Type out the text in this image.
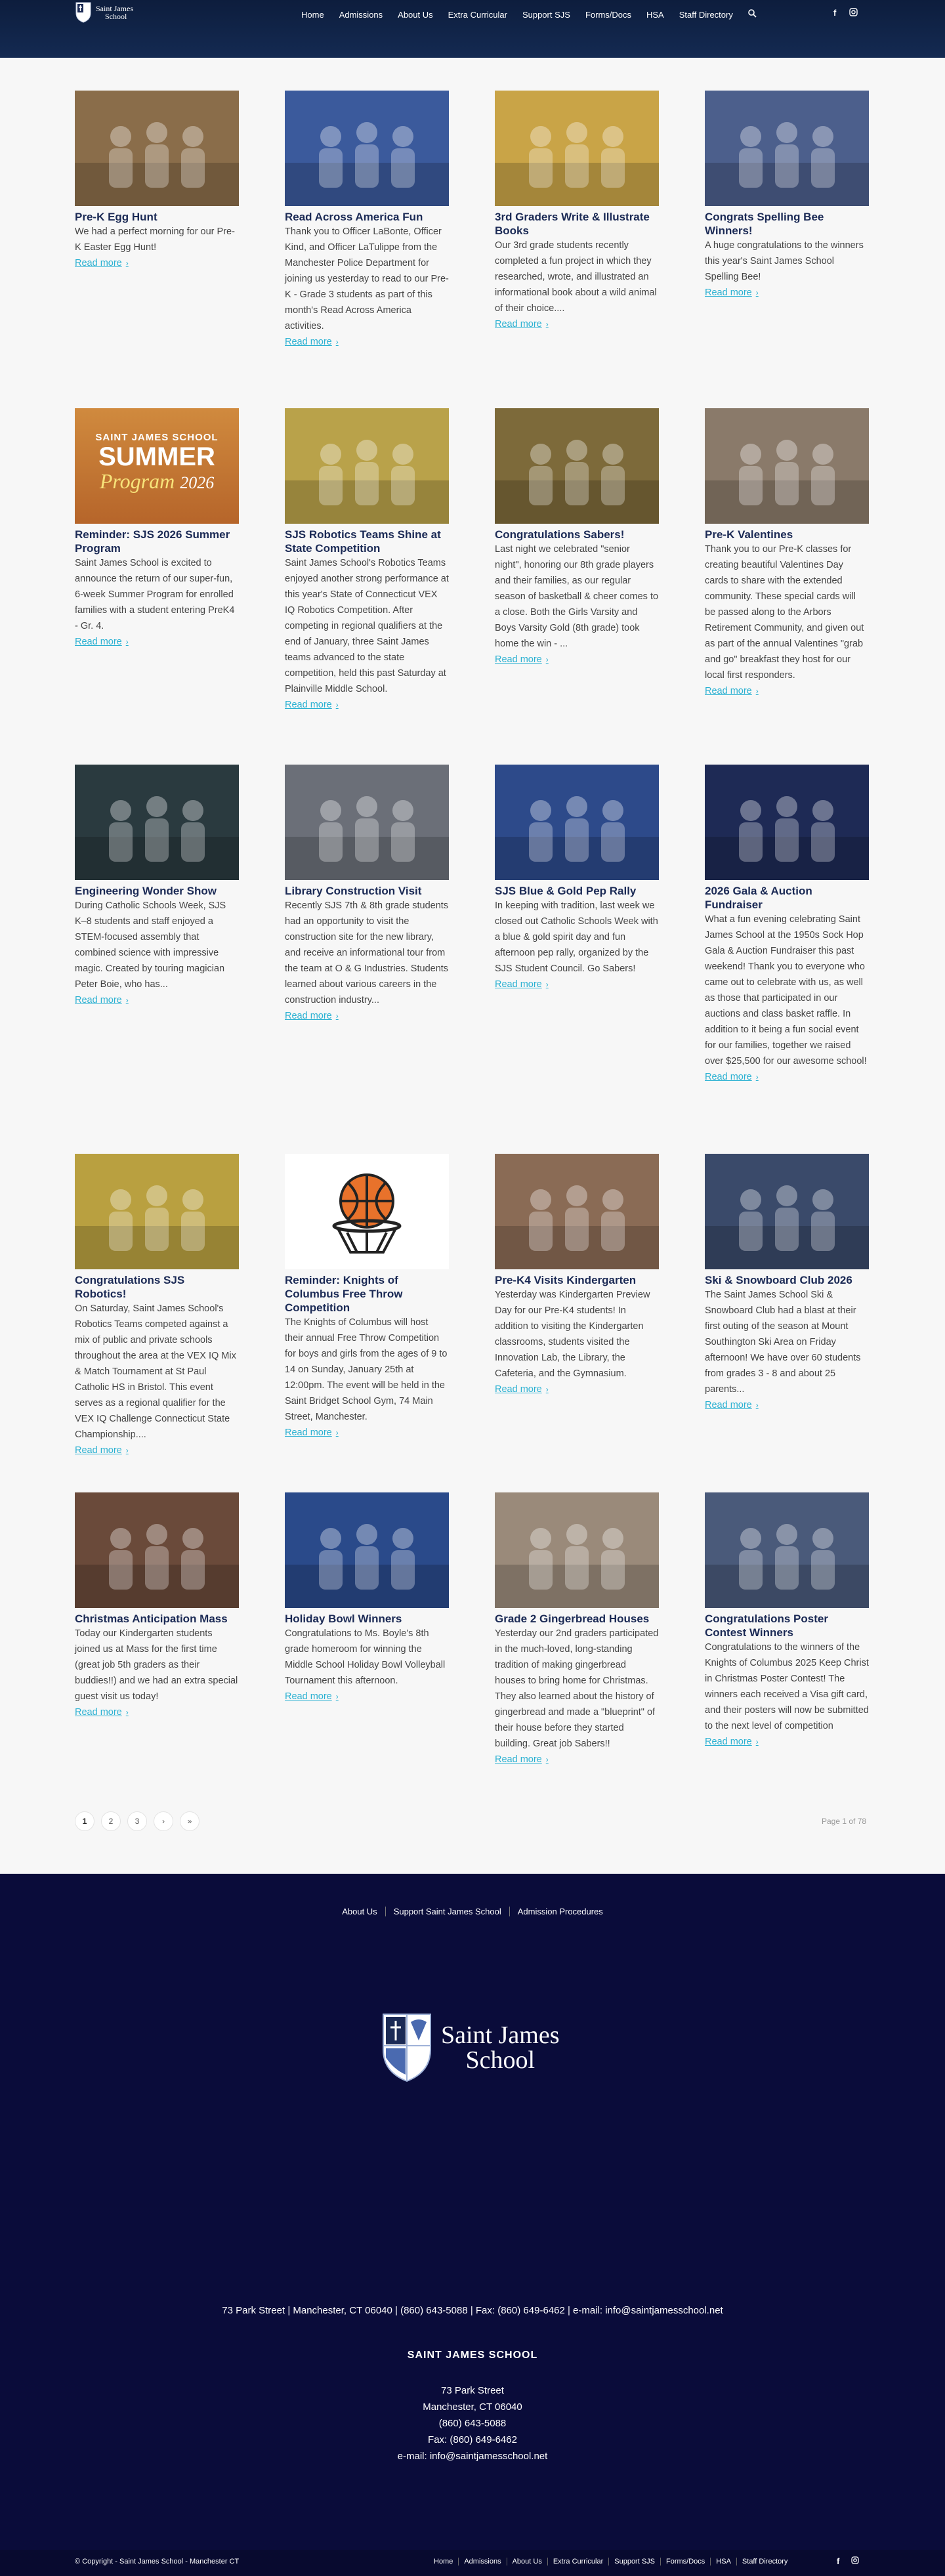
Saint James
School	Home Admissions About Us Extra Curricular Support SJS Forms/Docs HSA Staff Directory	f
Pre-K Egg Hunt

We had a perfect morning for our Pre-K Easter Egg Hunt!

Read more ›
Read Across America Fun

Thank you to Officer LaBonte, Officer Kind, and Officer LaTulippe from the Manchester Police Department for joining us yesterday to read to our Pre-K - Grade 3 students as part of this month's Read Across America activities.

Read more ›
3rd Graders Write & Illustrate Books

Our 3rd grade students recently completed a fun project in which they researched, wrote, and illustrated an informational book about a wild animal of their choice....

Read more ›
Congrats Spelling Bee Winners!

A huge congratulations to the winners this year's Saint James School Spelling Bee!

Read more ›
SAINT JAMES SCHOOL
SUMMER
Program 2026
Reminder: SJS 2026 Summer Program

Saint James School is excited to announce the return of our super-fun, 6-week Summer Program for enrolled families with a student entering PreK4 - Gr. 4.

Read more ›
SJS Robotics Teams Shine at State Competition

Saint James School's Robotics Teams enjoyed another strong performance at this year's State of Connecticut VEX IQ Robotics Competition. After competing in regional qualifiers at the end of January, three Saint James teams advanced to the state competition, held this past Saturday at Plainville Middle School.

Read more ›
Congratulations Sabers!

Last night we celebrated "senior night", honoring our 8th grade players and their families, as our regular season of basketball & cheer comes to a close. Both the Girls Varsity and Boys Varsity Gold (8th grade) took home the win - ...

Read more ›
Pre-K Valentines

Thank you to our Pre-K classes for creating beautiful Valentines Day cards to share with the extended community. These special cards will be passed along to the Arbors Retirement Community, and given out as part of the annual Valentines "grab and go" breakfast they host for our local first responders.

Read more ›
Engineering Wonder Show

During Catholic Schools Week, SJS K–8 students and staff enjoyed a STEM-focused assembly that combined science with impressive magic. Created by touring magician Peter Boie, who has...

Read more ›
Library Construction Visit

Recently SJS 7th & 8th grade students had an opportunity to visit the construction site for the new library, and receive an informational tour from the team at O & G Industries. Students learned about various careers in the construction industry...

Read more ›
SJS Blue & Gold Pep Rally

In keeping with tradition, last week we closed out Catholic Schools Week with a blue & gold spirit day and fun afternoon pep rally, organized by the SJS Student Council. Go Sabers!

Read more ›
2026 Gala & Auction Fundraiser

What a fun evening celebrating Saint James School at the 1950s Sock Hop Gala & Auction Fundraiser this past weekend! Thank you to everyone who came out to celebrate with us, as well as those that participated in our auctions and class basket raffle. In addition to it being a fun social event for our families, together we raised over $25,500 for our awesome school!

Read more ›
Congratulations SJS Robotics!

On Saturday, Saint James School's Robotics Teams competed against a mix of public and private schools throughout the area at the VEX IQ Mix & Match Tournament at St Paul Catholic HS in Bristol. This event serves as a regional qualifier for the VEX IQ Challenge Connecticut State Championship....

Read more ›
Reminder: Knights of Columbus Free Throw Competition

The Knights of Columbus will host their annual Free Throw Competition for boys and girls from the ages of 9 to 14 on Sunday, January 25th at 12:00pm. The event will be held in the Saint Bridget School Gym, 74 Main Street, Manchester.

Read more ›
Pre-K4 Visits Kindergarten

Yesterday was Kindergarten Preview Day for our Pre-K4 students! In addition to visiting the Kindergarten classrooms, students visited the Innovation Lab, the Library, the Cafeteria, and the Gymnasium.

Read more ›
Ski & Snowboard Club 2026

The Saint James School Ski & Snowboard Club had a blast at their first outing of the season at Mount Southington Ski Area on Friday afternoon! We have over 60 students from grades 3 - 8 and about 25 parents...

Read more ›
Christmas Anticipation Mass

Today our Kindergarten students joined us at Mass for the first time (great job 5th graders as their buddies!!) and we had an extra special guest visit us today!

Read more ›
Holiday Bowl Winners

Congratulations to Ms. Boyle's 8th grade homeroom for winning the Middle School Holiday Bowl Volleyball Tournament this afternoon.

Read more ›
Grade 2 Gingerbread Houses

Yesterday our 2nd graders participated in the much-loved, long-standing tradition of making gingerbread houses to bring home for Christmas. They also learned about the history of gingerbread and made a "blueprint" of their house before they started building. Great job Sabers!!

Read more ›
Congratulations Poster Contest Winners

Congratulations to the winners of the Knights of Columbus 2025 Keep Christ in Christmas Poster Contest! The winners each received a Visa gift card, and their posters will now be submitted to the next level of competition

Read more ›
1	2	3	›	»	Page 1 of 78
About Us	Support Saint James School	Admission Procedures
Saint James
School
73 Park Street | Manchester, CT 06040 | (860) 643-5088 | Fax: (860) 649-6462 | e-mail: info@saintjamesschool.net
SAINT JAMES SCHOOL
73 Park Street
Manchester, CT 06040
(860) 643-5088
Fax: (860) 649-6462
e-mail: info@saintjamesschool.net
© Copyright - Saint James School - Manchester CT	Home	Admissions	About Us	Extra Curricular	Support SJS	Forms/Docs	HSA	Staff Directory	f
